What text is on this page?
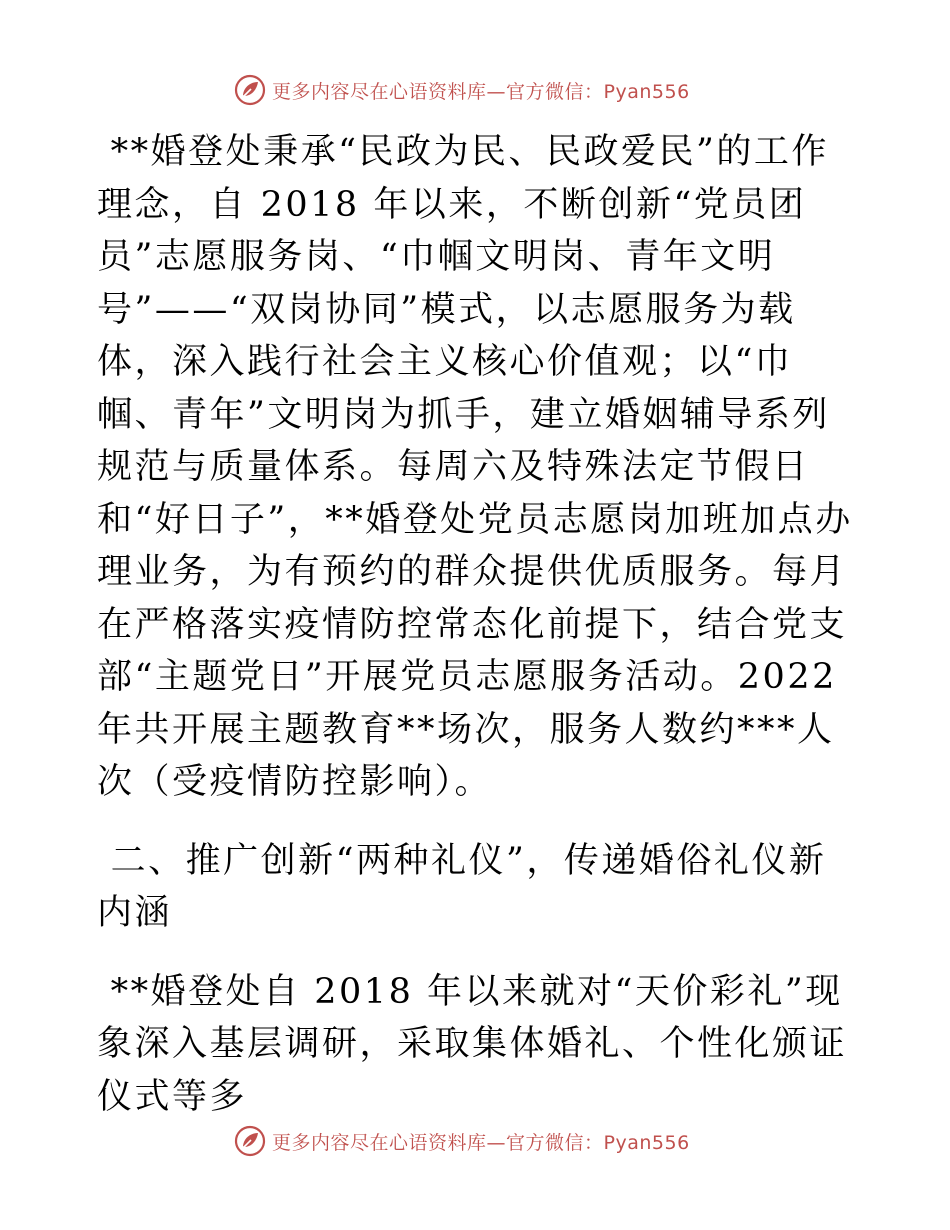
更多内容尽在心语资料库—官方微信：Pyan556

**婚登处秉承“民政为民、民政爱民”的工作理念，自 2018 年以来，不断创新“党员团员”志愿服务岗、“巾帼文明岗、青年文明号”——“双岗协同”模式，以志愿服务为载体，深入践行社会主义核心价值观；以“巾帼、青年”文明岗为抓手，建立婚姻辅导系列规范与质量体系。每周六及特殊法定节假日和“好日子”，**婚登处党员志愿岗加班加点办理业务，为有预约的群众提供优质服务。每月在严格落实疫情防控常态化前提下，结合党支部“主题党日”开展党员志愿服务活动。2022 年共开展主题教育**场次，服务人数约***人次（受疫情防控影响）。

二、推广创新“两种礼仪”，传递婚俗礼仪新内涵

**婚登处自 2018 年以来就对“天价彩礼”现象深入基层调研，采取集体婚礼、个性化颁证仪式等多

更多内容尽在心语资料库—官方微信：Pyan556
